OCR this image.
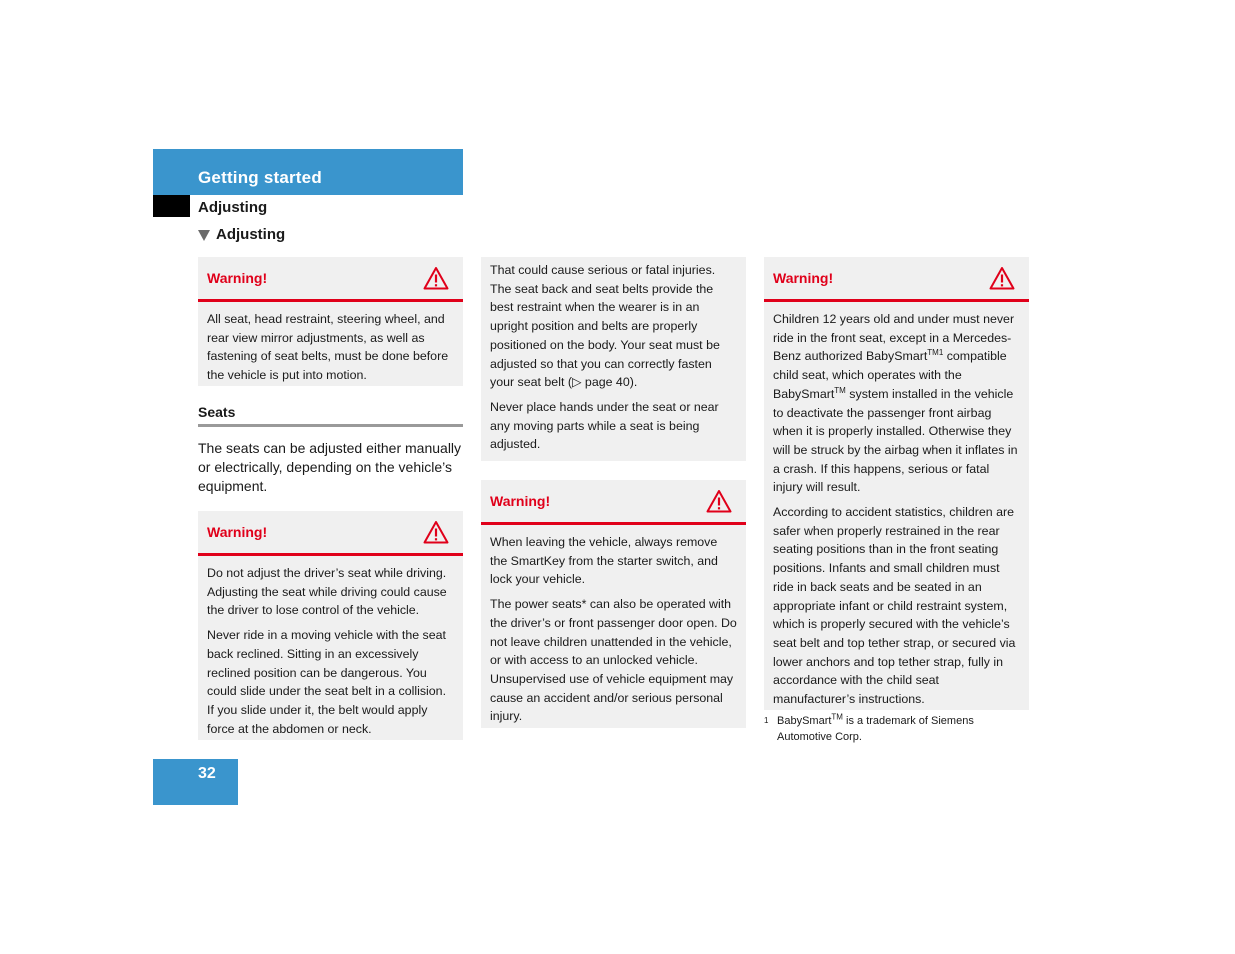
Getting started
Adjusting
Adjusting
Warning!

All seat, head restraint, steering wheel, and rear view mirror adjustments, as well as fastening of seat belts, must be done before the vehicle is put into motion.

Seats
The seats can be adjusted either manually or electrically, depending on the vehicle’s equipment.
Warning!

Do not adjust the driver’s seat while driving. Adjusting the seat while driving could cause the driver to lose control of the vehicle.

Never ride in a moving vehicle with the seat back reclined. Sitting in an excessively reclined position can be dangerous. You could slide under the seat belt in a collision. If you slide under it, the belt would apply force at the abdomen or neck.

That could cause serious or fatal injuries. The seat back and seat belts provide the best restraint when the wearer is in an upright position and belts are properly positioned on the body. Your seat must be adjusted so that you can correctly fasten your seat belt (▷ page 40).

Never place hands under the seat or near any moving parts while a seat is being adjusted.

Warning!

When leaving the vehicle, always remove the SmartKey from the starter switch, and lock your vehicle.

The power seats* can also be operated with the driver’s or front passenger door open. Do not leave children unattended in the vehicle, or with access to an unlocked vehicle. Unsupervised use of vehicle equipment may cause an accident and/or serious personal injury.

Warning!

Children 12 years old and under must never ride in the front seat, except in a Mercedes-Benz authorized BabySmart$^{TM1}$ compatible child seat, which operates with the BabySmart™ system installed in the vehicle to deactivate the passenger front airbag when it is properly installed. Otherwise they will be struck by the airbag when it inflates in a crash. If this happens, serious or fatal injury will result.

According to accident statistics, children are safer when properly restrained in the rear seating positions than in the front seating positions. Infants and small children must ride in back seats and be seated in an appropriate infant or child restraint system, which is properly secured with the vehicle’s seat belt and top tether strap, or secured via lower anchors and top tether strap, fully in accordance with the child seat manufacturer’s instructions.

1 BabySmart™ is a trademark of Siemens Automotive Corp.
32
